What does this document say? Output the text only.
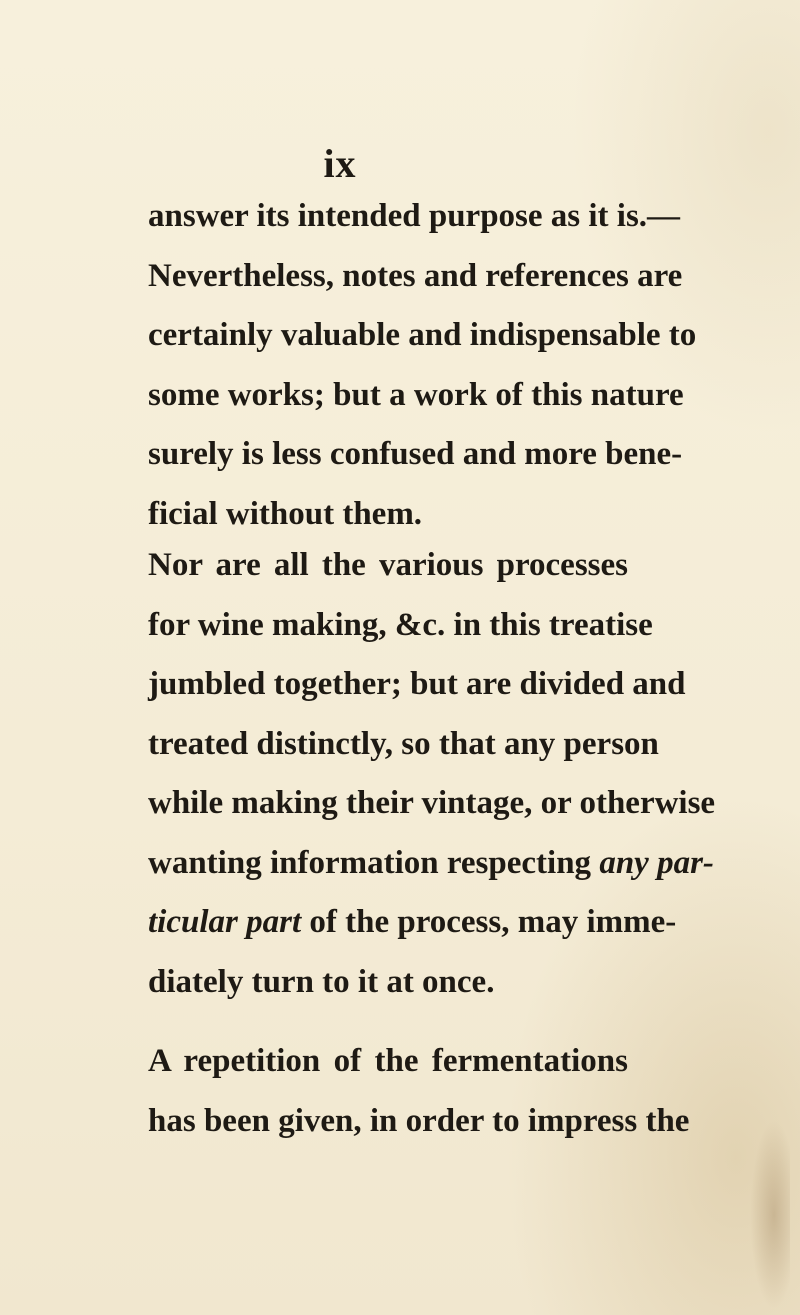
ix
answer its intended purpose as it is.—
Nevertheless, notes and references are
certainly valuable and indispensable to
some works; but a work of this nature
surely is less confused and more bene-
ficial without them.
Nor are all the various processes
for wine making, &c. in this treatise
jumbled together; but are divided and
treated distinctly, so that any person
while making their vintage, or otherwise
wanting information respecting any par-
ticular part of the process, may imme-
diately turn to it at once.
A repetition of the fermentations
has been given, in order to impress the
